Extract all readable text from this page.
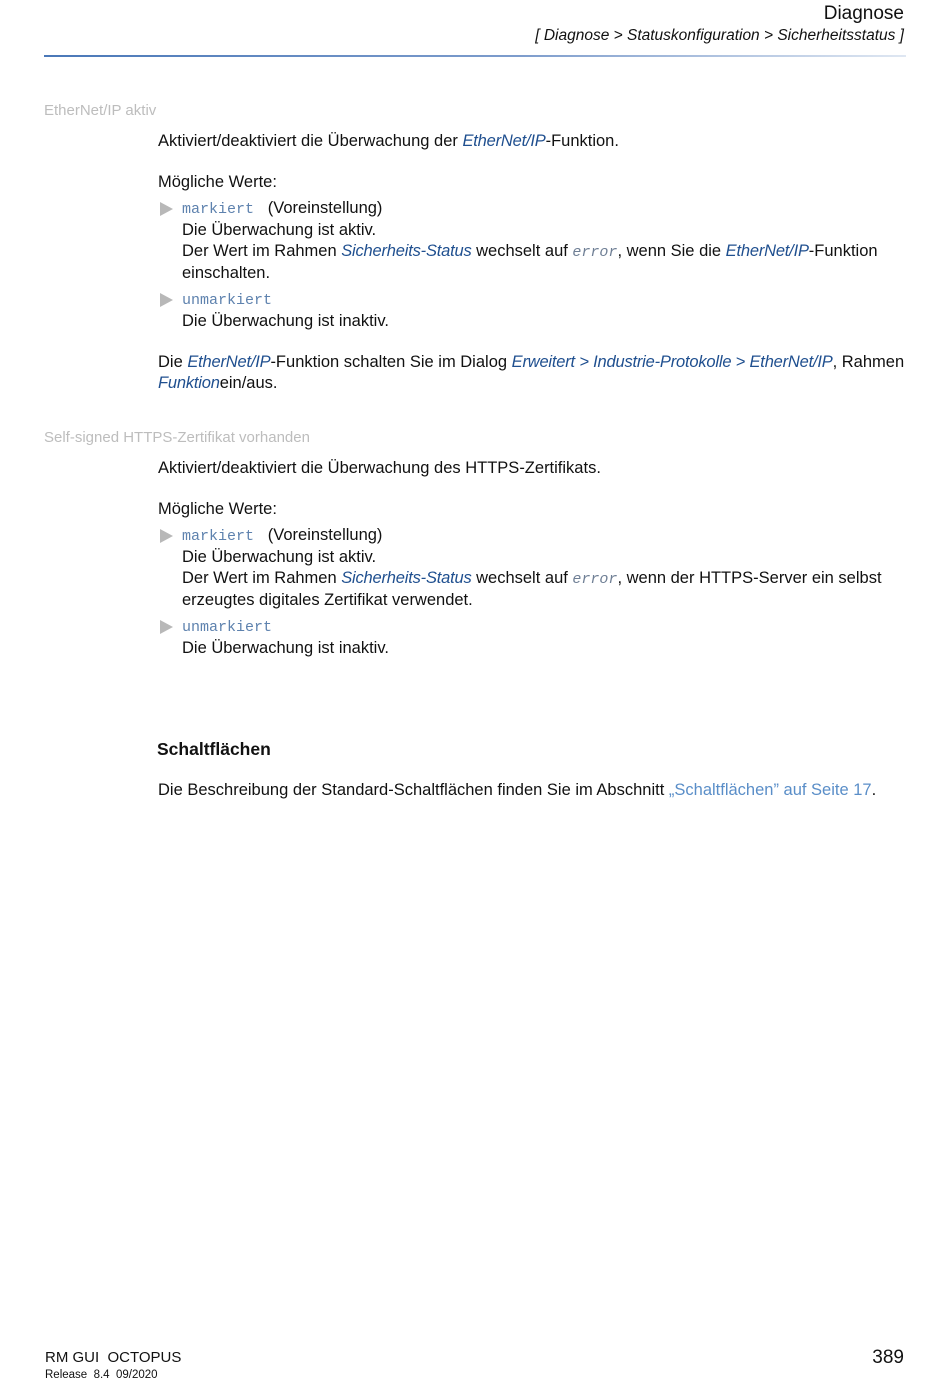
Diagnose
[ Diagnose > Statuskonfiguration > Sicherheitsstatus ]
EtherNet/IP aktiv

Aktiviert/deaktiviert die Überwachung der EtherNet/IP-Funktion.

Mögliche Werte:

markiert (Voreinstellung)
Die Überwachung ist aktiv.
Der Wert im Rahmen Sicherheits-Status wechselt auf error, wenn Sie die EtherNet/IP-Funktion einschalten.
unmarkiert
Die Überwachung ist inaktiv.

Die EtherNet/IP-Funktion schalten Sie im Dialog Erweitert > Industrie-Protokolle > EtherNet/IP, Rahmen Funktionein/aus.

Self-signed HTTPS-Zertifikat vorhanden

Aktiviert/deaktiviert die Überwachung des HTTPS-Zertifikats.

Mögliche Werte:

markiert (Voreinstellung)
Die Überwachung ist aktiv.
Der Wert im Rahmen Sicherheits-Status wechselt auf error, wenn der HTTPS-Server ein selbst erzeugtes digitales Zertifikat verwendet.
unmarkiert
Die Überwachung ist inaktiv.
Schaltflächen

Die Beschreibung der Standard-Schaltflächen finden Sie im Abschnitt „Schaltflächen” auf Seite 17.

RM GUI  OCTOPUS
Release  8.4  09/2020
389
